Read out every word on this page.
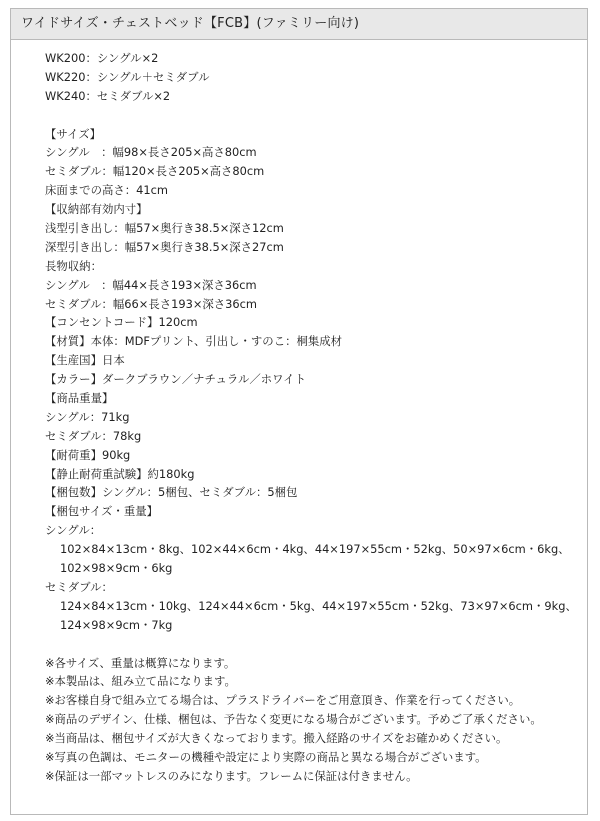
ワイドサイズ・チェストベッド【FCB】(ファミリー向け)
WK200：シングル×2
WK220：シングル＋セミダブル
WK240：セミダブル×2
【サイズ】
シングル　：幅98×長さ205×高さ80cm
セミダブル：幅120×長さ205×高さ80cm
床面までの高さ：41cm
【収納部有効内寸】
浅型引き出し：幅57×奥行き38.5×深さ12cm
深型引き出し：幅57×奥行き38.5×深さ27cm
長物収納：
シングル　：幅44×長さ193×深さ36cm
セミダブル：幅66×長さ193×深さ36cm
【コンセントコード】120cm
【材質】本体：MDFプリント、引出し・すのこ：桐集成材
【生産国】日本
【カラー】ダークブラウン／ナチュラル／ホワイト
【商品重量】
シングル：71kg
セミダブル：78kg
【耐荷重】90kg
【静止耐荷重試験】約180kg
【梱包数】シングル：5梱包、セミダブル：5梱包
【梱包サイズ・重量】
シングル：
102×84×13cm・8kg、102×44×6cm・4kg、44×197×55cm・52kg、50×97×6cm・6kg、
102×98×9cm・6kg
セミダブル：
124×84×13cm・10kg、124×44×6cm・5kg、44×197×55cm・52kg、73×97×6cm・9kg、
124×98×9cm・7kg
※各サイズ、重量は概算になります。
※本製品は、組み立て品になります。
※お客様自身で組み立てる場合は、プラスドライバーをご用意頂き、作業を行ってください。
※商品のデザイン、仕様、梱包は、予告なく変更になる場合がございます。予めご了承ください。
※当商品は、梱包サイズが大きくなっております。搬入経路のサイズをお確かめください。
※写真の色調は、モニターの機種や設定により実際の商品と異なる場合がございます。
※保証は一部マットレスのみになります。フレームに保証は付きません。
